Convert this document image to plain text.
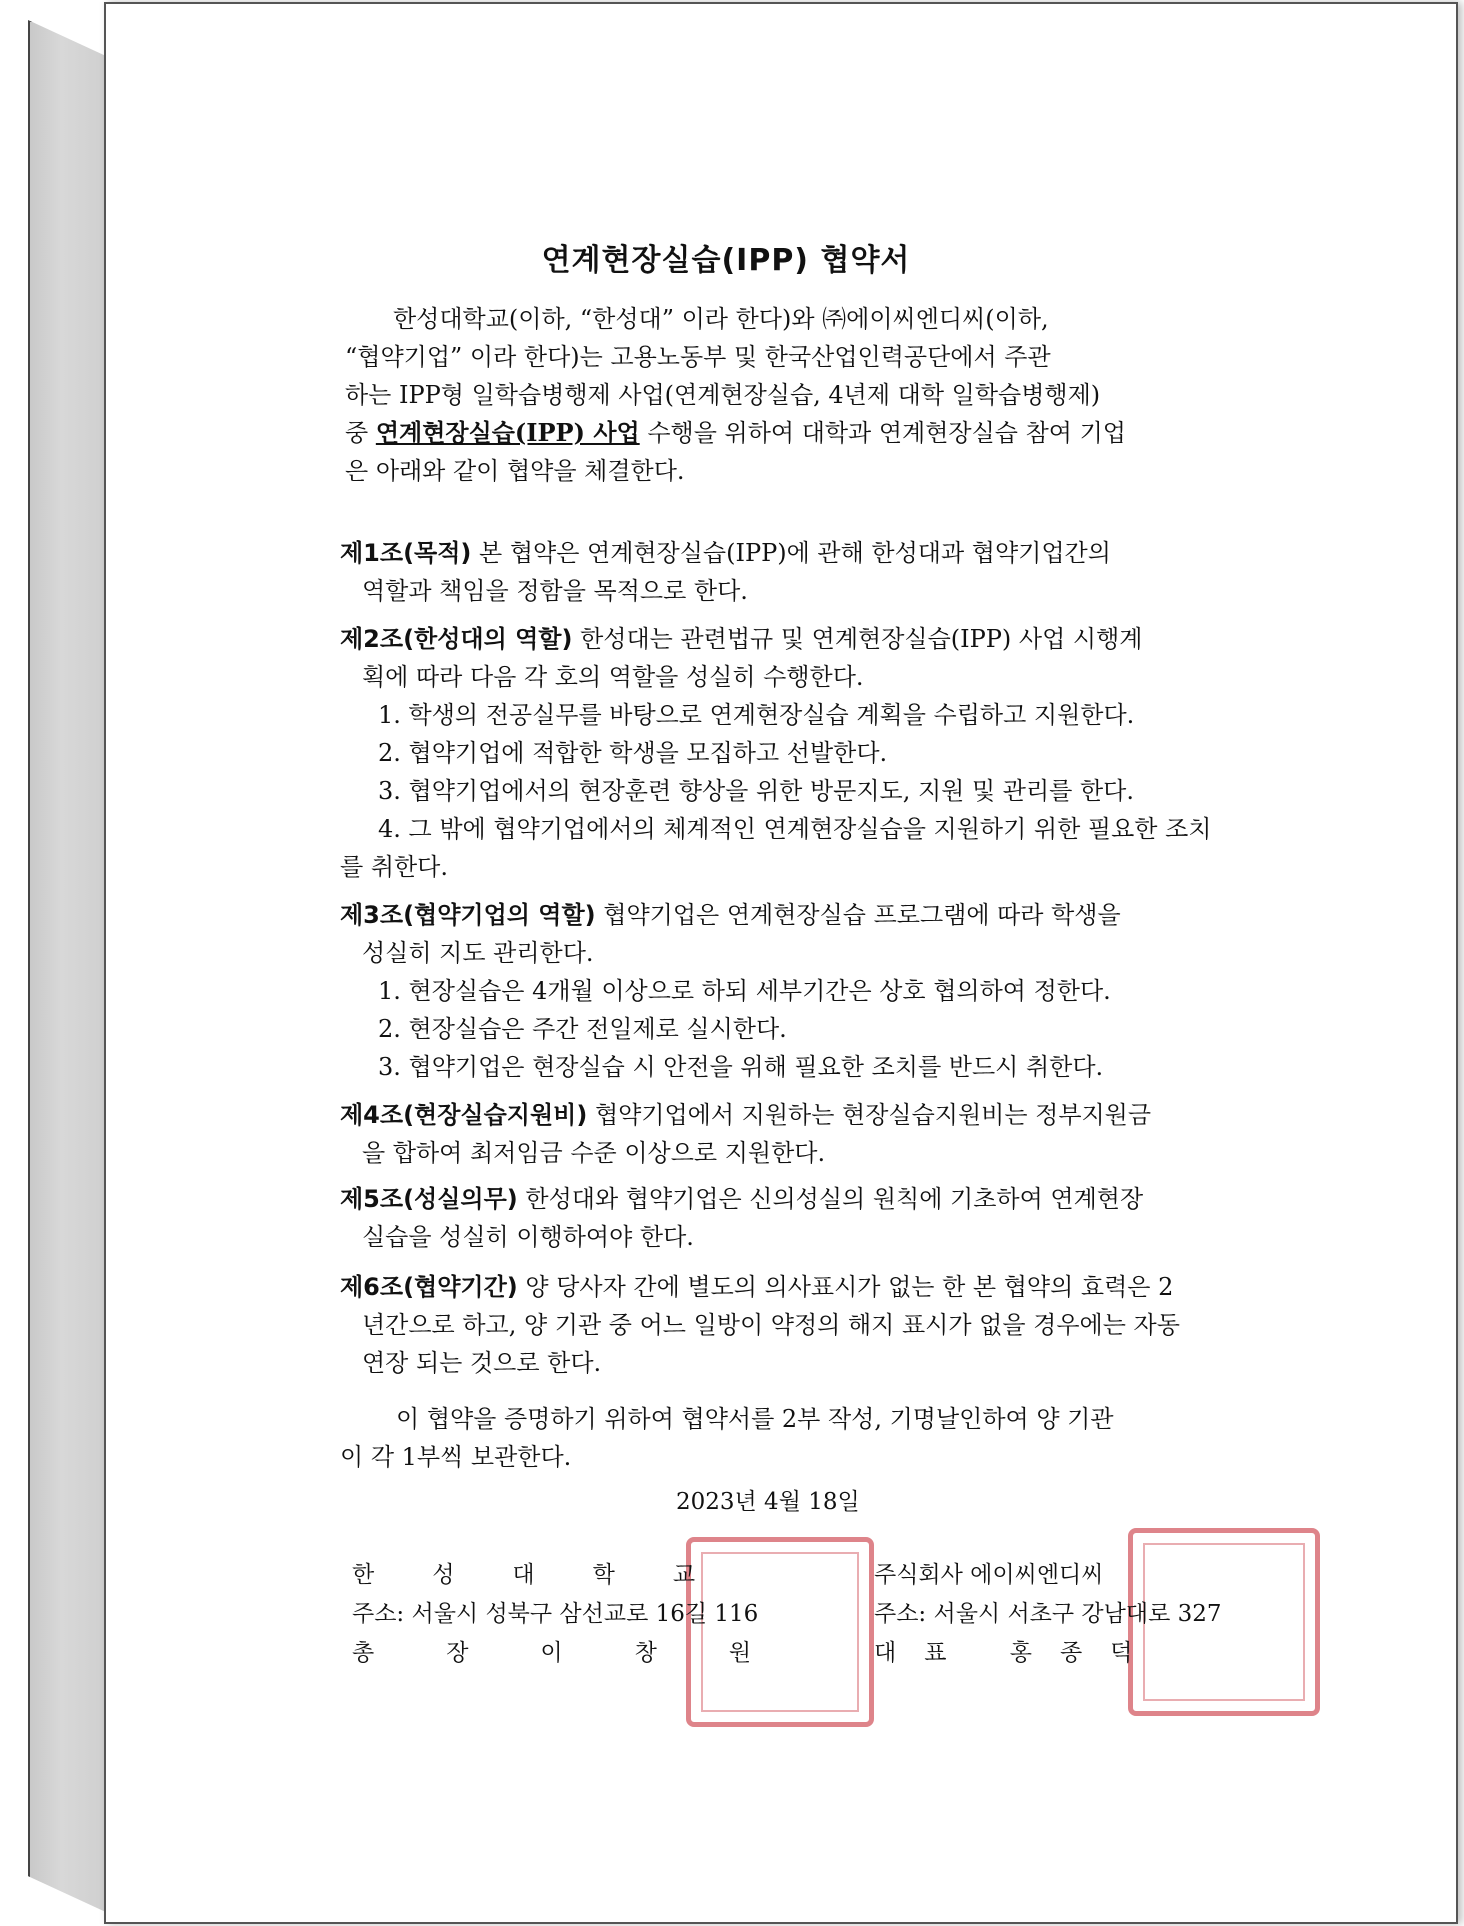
연계현장실습(IPP) 협약서
한성대학교(이하, “한성대” 이라 한다)와 ㈜에이씨엔디씨(이하,
“협약기업” 이라 한다)는 고용노동부 및 한국산업인력공단에서 주관
하는 IPP형 일학습병행제 사업(연계현장실습, 4년제 대학 일학습병행제)
중 연계현장실습(IPP) 사업 수행을 위하여 대학과 연계현장실습 참여 기업
은 아래와 같이 협약을 체결한다.
제1조(목적) 본 협약은 연계현장실습(IPP)에 관해 한성대과 협약기업간의
역할과 책임을 정함을 목적으로 한다.
제2조(한성대의 역할) 한성대는 관련법규 및 연계현장실습(IPP) 사업 시행계
획에 따라 다음 각 호의 역할을 성실히 수행한다.
1. 학생의 전공실무를 바탕으로 연계현장실습 계획을 수립하고 지원한다.
2. 협약기업에 적합한 학생을 모집하고 선발한다.
3. 협약기업에서의 현장훈련 향상을 위한 방문지도, 지원 및 관리를 한다.
4. 그 밖에 협약기업에서의 체계적인 연계현장실습을 지원하기 위한 필요한 조치
를 취한다.
제3조(협약기업의 역할) 협약기업은 연계현장실습 프로그램에 따라 학생을
성실히 지도 관리한다.
1. 현장실습은 4개월 이상으로 하되 세부기간은 상호 협의하여 정한다.
2. 현장실습은 주간 전일제로 실시한다.
3. 협약기업은 현장실습 시 안전을 위해 필요한 조치를 반드시 취한다.
제4조(현장실습지원비) 협약기업에서 지원하는 현장실습지원비는 정부지원금
을 합하여 최저임금 수준 이상으로 지원한다.
제5조(성실의무) 한성대와 협약기업은 신의성실의 원칙에 기초하여 연계현장
실습을 성실히 이행하여야 한다.
제6조(협약기간) 양 당사자 간에 별도의 의사표시가 없는 한 본 협약의 효력은 2
년간으로 하고, 양 기관 중 어느 일방이 약정의 해지 표시가 없을 경우에는 자동
연장 되는 것으로 한다.
이 협약을 증명하기 위하여 협약서를 2부 작성, 기명날인하여 양 기관
이 각 1부씩 보관한다.
2023년 4월 18일
한성대학교
주소: 서울시 성북구 삼선교로 16길 116
총장이창원
주식회사 에이씨엔디씨
주소: 서울시 서초구 강남대로 327
대표 홍종덕
